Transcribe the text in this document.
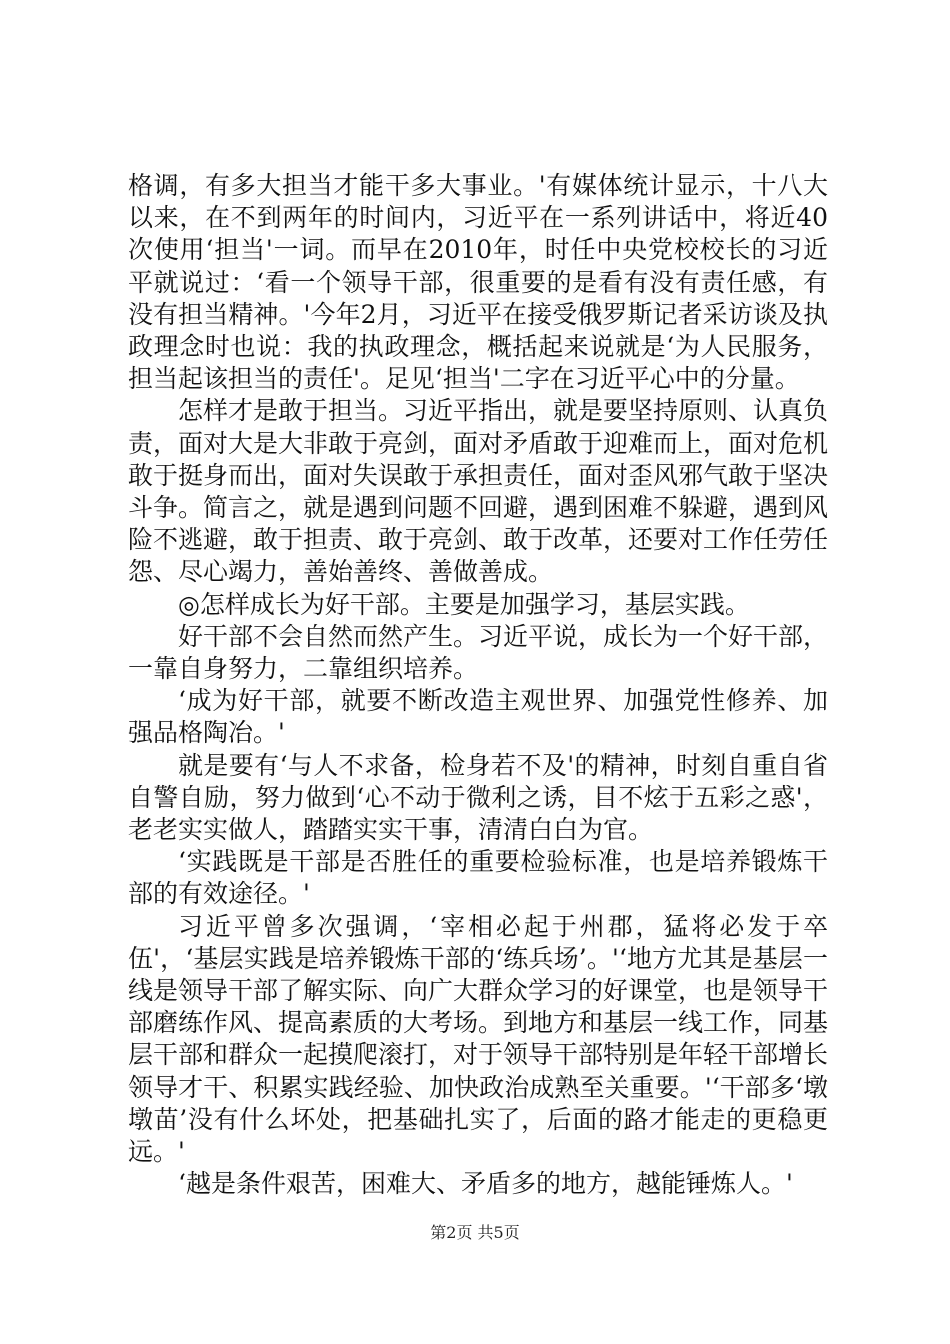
格调，有多大担当才能干多大事业。'有媒体统计显示，十八大以来，在不到两年的时间内，习近平在一系列讲话中，将近40次使用‘担当'一词。而早在2010年，时任中央党校校长的习近平就说过：‘看一个领导干部，很重要的是看有没有责任感，有没有担当精神。'今年2月，习近平在接受俄罗斯记者采访谈及执政理念时也说：我的执政理念，概括起来说就是‘为人民服务，担当起该担当的责任'。足见‘担当'二字在习近平心中的分量。

怎样才是敢于担当。习近平指出，就是要坚持原则、认真负责，面对大是大非敢于亮剑，面对矛盾敢于迎难而上，面对危机敢于挺身而出，面对失误敢于承担责任，面对歪风邪气敢于坚决斗争。简言之，就是遇到问题不回避，遇到困难不躲避，遇到风险不逃避，敢于担责、敢于亮剑、敢于改革，还要对工作任劳任怨、尽心竭力，善始善终、善做善成。

◎怎样成长为好干部。主要是加强学习，基层实践。

好干部不会自然而然产生。习近平说，成长为一个好干部，一靠自身努力，二靠组织培养。

‘成为好干部，就要不断改造主观世界、加强党性修养、加强品格陶冶。'

就是要有‘与人不求备，检身若不及'的精神，时刻自重自省自警自励，努力做到‘心不动于微利之诱，目不炫于五彩之惑'，老老实实做人，踏踏实实干事，清清白白为官。

‘实践既是干部是否胜任的重要检验标准，也是培养锻炼干部的有效途径。'

习近平曾多次强调，‘宰相必起于州郡，猛将必发于卒伍'，‘基层实践是培养锻炼干部的‘练兵场’。'‘地方尤其是基层一线是领导干部了解实际、向广大群众学习的好课堂，也是领导干部磨练作风、提高素质的大考场。到地方和基层一线工作，同基层干部和群众一起摸爬滚打，对于领导干部特别是年轻干部增长领导才干、积累实践经验、加快政治成熟至关重要。'‘干部多‘墩墩苗’没有什么坏处，把基础扎实了，后面的路才能走的更稳更远。'

‘越是条件艰苦，困难大、矛盾多的地方，越能锤炼人。'

第2页 共5页
